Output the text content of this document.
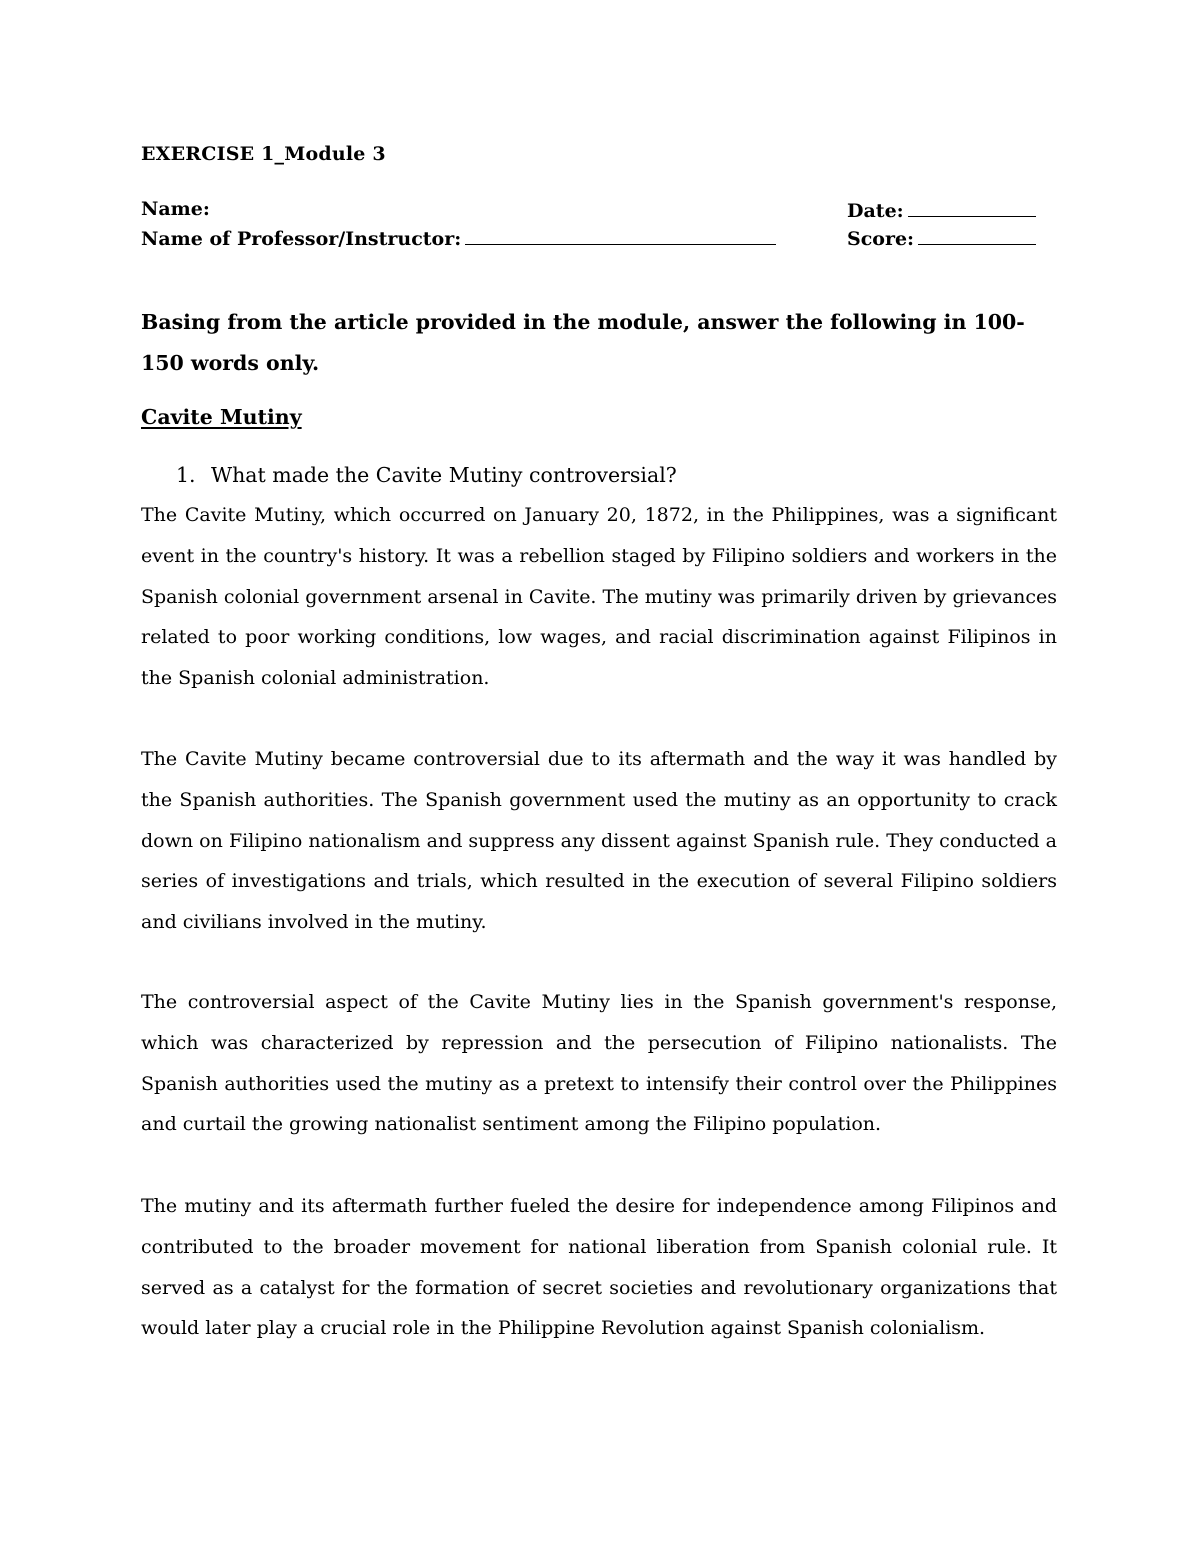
EXERCISE 1_Module 3
Name:	Date:
Name of Professor/Instructor:	Score:
Basing from the article provided in the module, answer the following in 100-150 words only.
Cavite Mutiny
1. What made the Cavite Mutiny controversial?

The Cavite Mutiny, which occurred on January 20, 1872, in the Philippines, was a significant event in the country's history. It was a rebellion staged by Filipino soldiers and workers in the Spanish colonial government arsenal in Cavite. The mutiny was primarily driven by grievances related to poor working conditions, low wages, and racial discrimination against Filipinos in the Spanish colonial administration.

The Cavite Mutiny became controversial due to its aftermath and the way it was handled by the Spanish authorities. The Spanish government used the mutiny as an opportunity to crack down on Filipino nationalism and suppress any dissent against Spanish rule. They conducted a series of investigations and trials, which resulted in the execution of several Filipino soldiers and civilians involved in the mutiny.

The controversial aspect of the Cavite Mutiny lies in the Spanish government's response, which was characterized by repression and the persecution of Filipino nationalists. The Spanish authorities used the mutiny as a pretext to intensify their control over the Philippines and curtail the growing nationalist sentiment among the Filipino population.

The mutiny and its aftermath further fueled the desire for independence among Filipinos and contributed to the broader movement for national liberation from Spanish colonial rule. It served as a catalyst for the formation of secret societies and revolutionary organizations that would later play a crucial role in the Philippine Revolution against Spanish colonialism.
